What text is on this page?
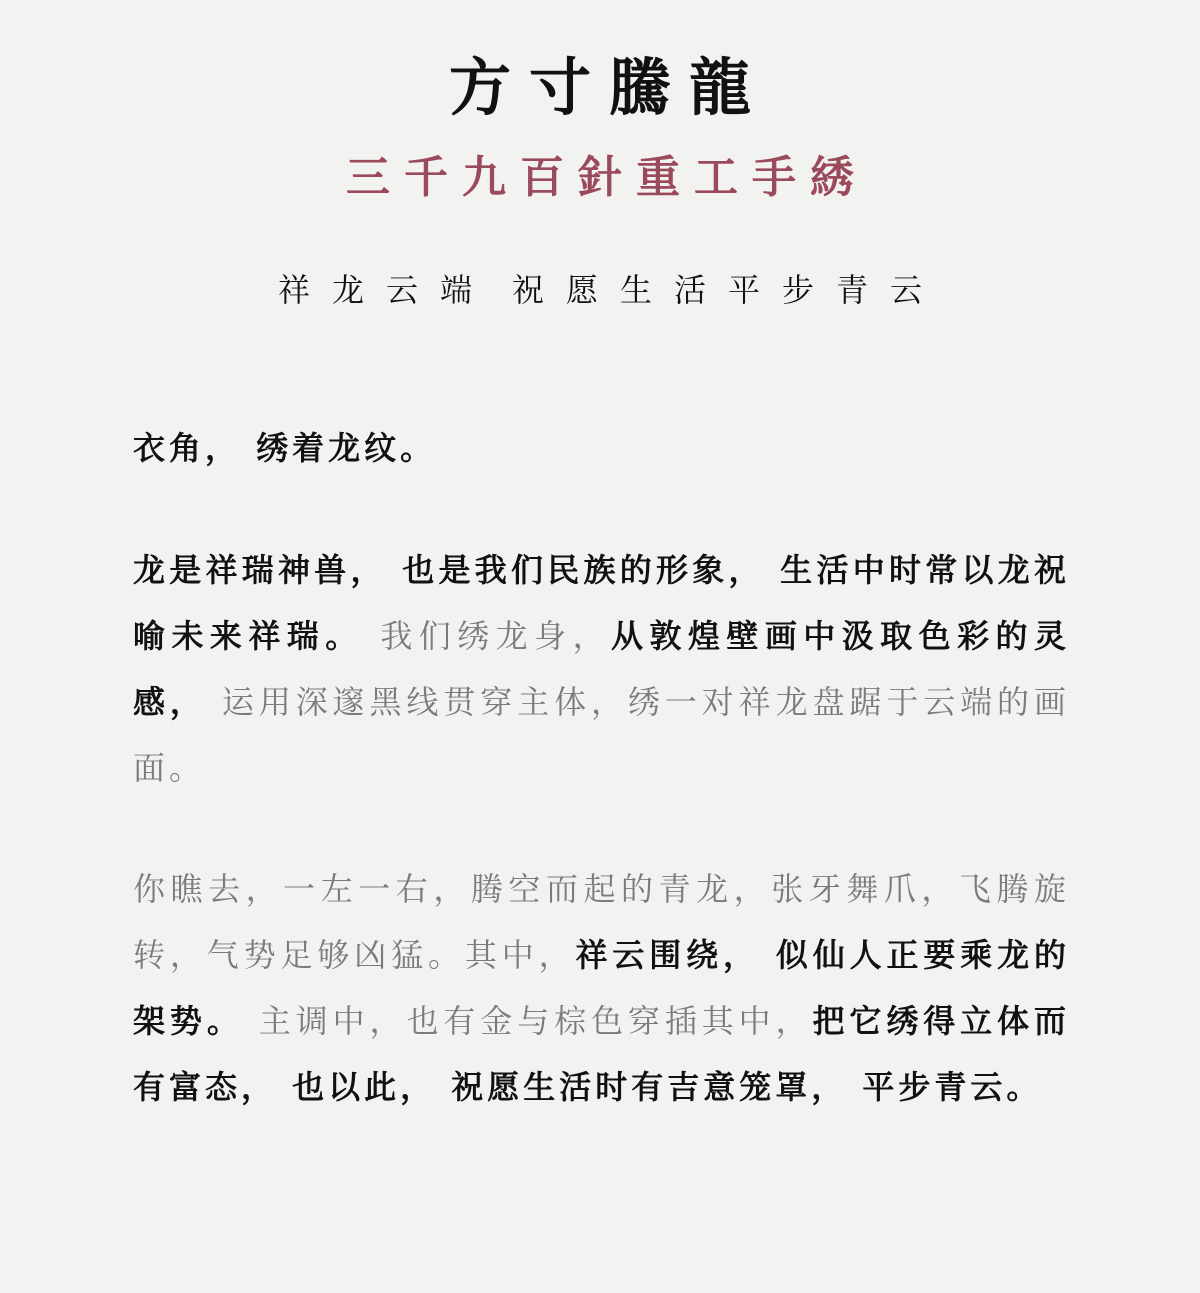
方寸騰龍
三千九百針重工手綉
祥龙云端 祝愿生活平步青云
衣角， 绣着龙纹。
龙是祥瑞神兽， 也是我们民族的形象， 生活中时常以龙祝喻未来祥瑞。 我们绣龙身，从敦煌壁画中汲取色彩的灵感， 运用深邃黑线贯穿主体，绣一对祥龙盘踞于云端的画面。
你瞧去，一左一右，腾空而起的青龙，张牙舞爪，飞腾旋转，气势足够凶猛。其中，祥云围绕， 似仙人正要乘龙的架势。 主调中，也有金与棕色穿插其中，把它绣得立体而有富态， 也以此， 祝愿生活时有吉意笼罩， 平步青云。
